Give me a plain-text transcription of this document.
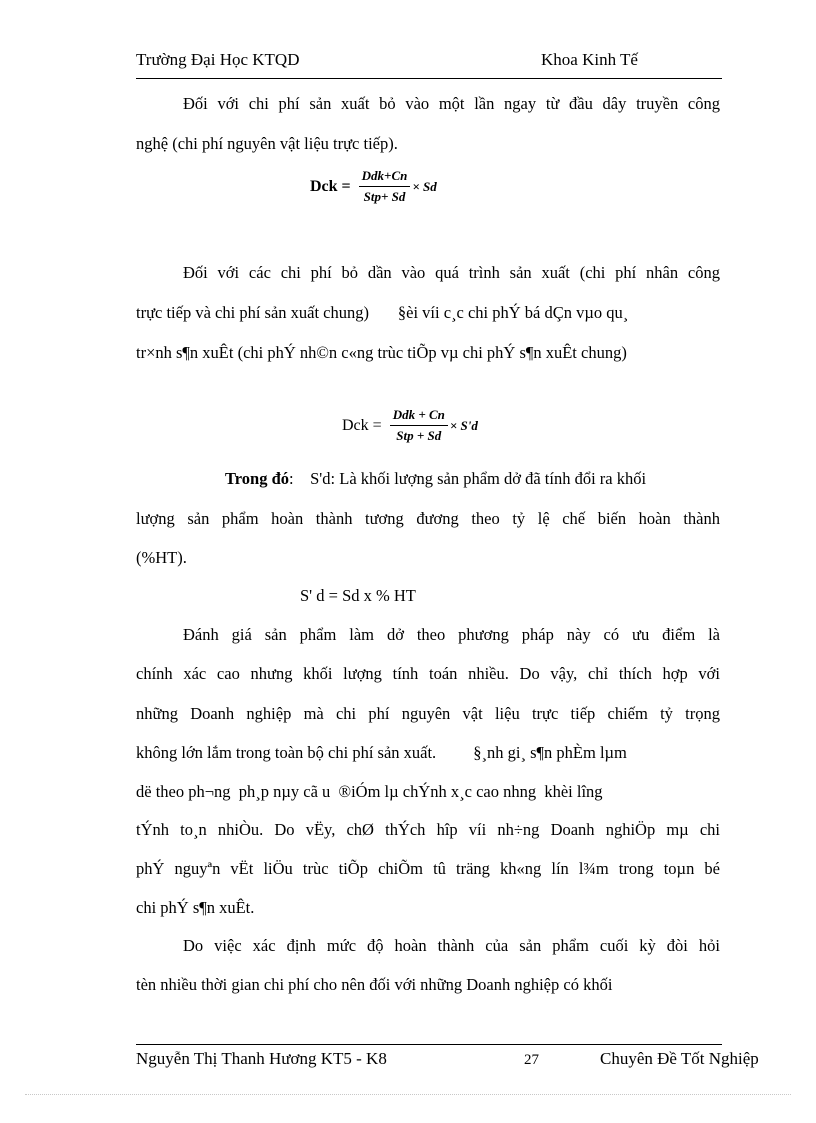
Trường Đại Học KTQD	Khoa Kinh Tế
Đối với chi phí sản xuất bỏ vào một lần ngay từ đầu dây truyền công
nghệ (chi phí nguyên vật liệu trực tiếp).
Dck = $\frac{\text{Ddk+Cn}}{\text{Stp+ Sd}} \times Sd$
Đối với các chi phí bỏ dần vào quá trình sản xuất (chi phí nhân công
trực tiếp và chi phí sản xuất chung)       §èi víi c¸c chi phÝ bá dÇn vµo qu¸
tr×nh s¶n xuÊt (chi phÝ nh©n c«ng trùc tiÕp vµ chi phÝ s¶n xuÊt chung)
Dck = $\frac{\text{Ddk + Cn}}{\text{Stp + Sd}} \times S'd$
Trong đó:    S'd: Là khối lượng sản phẩm dở đã tính đổi ra khối
lượng sản phẩm hoàn thành tương đương theo tỷ lệ chế biến hoàn thành
(%HT).
S' d = Sd x % HT
Đánh giá sản phẩm làm dở theo phương pháp này có ưu điểm là
chính xác cao nhưng khối lượng tính toán nhiều. Do vậy, chỉ thích hợp với
những Doanh nghiệp mà chi phí nguyên vật liệu trực tiếp chiếm tỷ trọng
không lớn lắm trong toàn bộ chi phí sản xuất.         §¸nh gi¸ s¶n phÈm lµm
dë theo ph¬ng  ph¸p nµy cã u  ®iÓm lµ chÝnh x¸c cao nhng  khèi lîng
tÝnh to¸n nhiÒu. Do vËy, chØ thÝch hîp víi nh÷ng Doanh nghiÖp mµ chi
phÝ nguyªn vËt liÖu trùc tiÕp chiÕm tû träng kh«ng lín l¾m trong toµn bé
chi phÝ s¶n xuÊt.
Do việc xác định mức độ hoàn thành của sản phẩm cuối kỳ đòi hỏi
tèn nhiều thời gian chi phí cho nên đối với những Doanh nghiệp có khối
Nguyễn Thị Thanh Hương KT5 - K8	27	Chuyên Đề Tốt Nghiệp
